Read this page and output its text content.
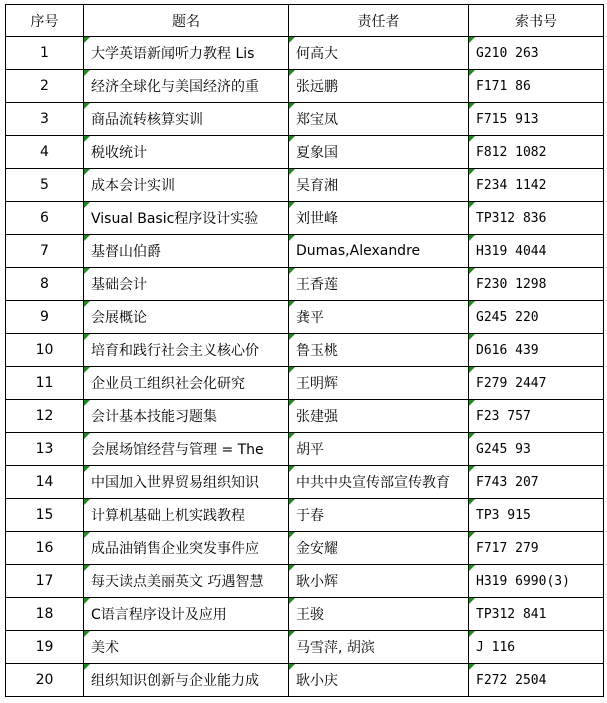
序号	题名	责任者	索书号
1	大学英语新闻听力教程 Lis	何高大	G210 263
2	经济全球化与美国经济的重	张远鹏	F171 86
3	商品流转核算实训	郑宝凤	F715 913
4	税收统计	夏象国	F812 1082
5	成本会计实训	吴育湘	F234 1142
6	Visual Basic程序设计实验	刘世峰	TP312 836
7	基督山伯爵	Dumas,Alexandre	H319 4044
8	基础会计	王香莲	F230 1298
9	会展概论	龚平	G245 220
10	培育和践行社会主义核心价	鲁玉桃	D616 439
11	企业员工组织社会化研究	王明辉	F279 2447
12	会计基本技能习题集	张建强	F23 757
13	会展场馆经营与管理 = The	胡平	G245 93
14	中国加入世界贸易组织知识	中共中央宣传部宣传教育	F743 207
15	计算机基础上机实践教程	于春	TP3 915
16	成品油销售企业突发事件应	金安耀	F717 279
17	每天读点美丽英文 巧遇智慧	耿小辉	H319 6990(3)
18	C语言程序设计及应用	王骏	TP312 841
19	美术	马雪萍, 胡滨	J 116
20	组织知识创新与企业能力成	耿小庆	F272 2504
